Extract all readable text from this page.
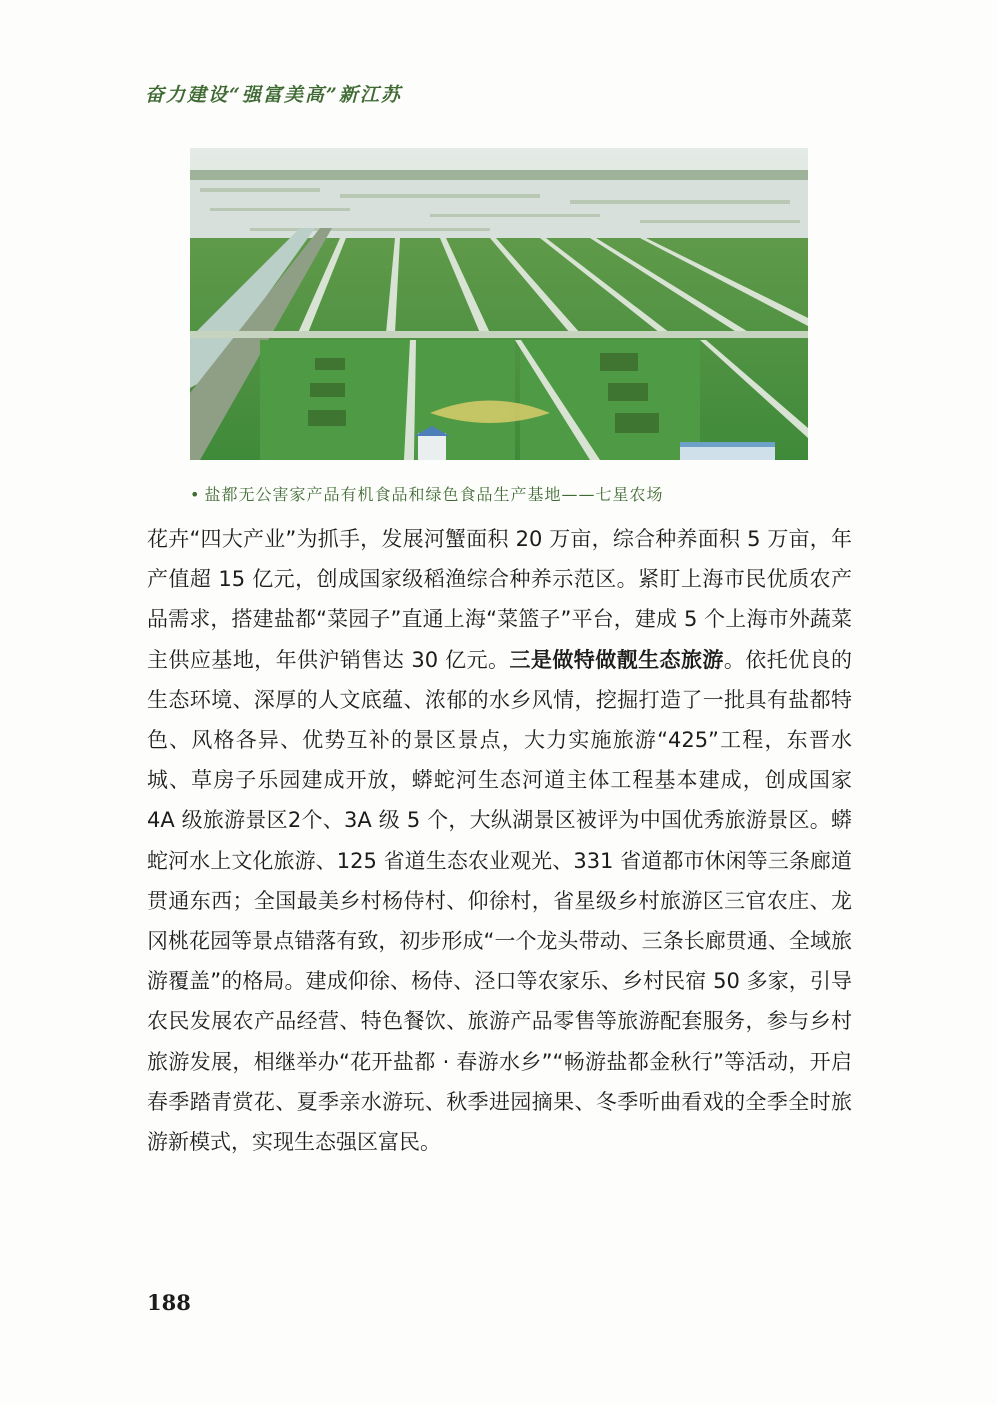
奋力建设“强富美高”新江苏
• 盐都无公害家产品有机食品和绿色食品生产基地——七星农场
花卉“四大产业”为抓手，发展河蟹面积 20 万亩，综合种养面积 5 万亩，年产值超 15 亿元，创成国家级稻渔综合种养示范区。紧盯上海市民优质农产品需求，搭建盐都“菜园子”直通上海“菜篮子”平台，建成 5 个上海市外蔬菜主供应基地，年供沪销售达 30 亿元。三是做特做靓生态旅游。依托优良的生态环境、深厚的人文底蕴、浓郁的水乡风情，挖掘打造了一批具有盐都特色、风格各异、优势互补的景区景点，大力实施旅游“425”工程，东晋水城、草房子乐园建成开放，蟒蛇河生态河道主体工程基本建成，创成国家 4A 级旅游景区2个、3A 级 5 个，大纵湖景区被评为中国优秀旅游景区。蟒蛇河水上文化旅游、125 省道生态农业观光、331 省道都市休闲等三条廊道贯通东西；全国最美乡村杨侍村、仰徐村，省星级乡村旅游区三官农庄、龙冈桃花园等景点错落有致，初步形成“一个龙头带动、三条长廊贯通、全域旅游覆盖”的格局。建成仰徐、杨侍、泾口等农家乐、乡村民宿 50 多家，引导农民发展农产品经营、特色餐饮、旅游产品零售等旅游配套服务，参与乡村旅游发展，相继举办“花开盐都 · 春游水乡”“畅游盐都金秋行”等活动，开启春季踏青赏花、夏季亲水游玩、秋季进园摘果、冬季听曲看戏的全季全时旅游新模式，实现生态强区富民。
188
